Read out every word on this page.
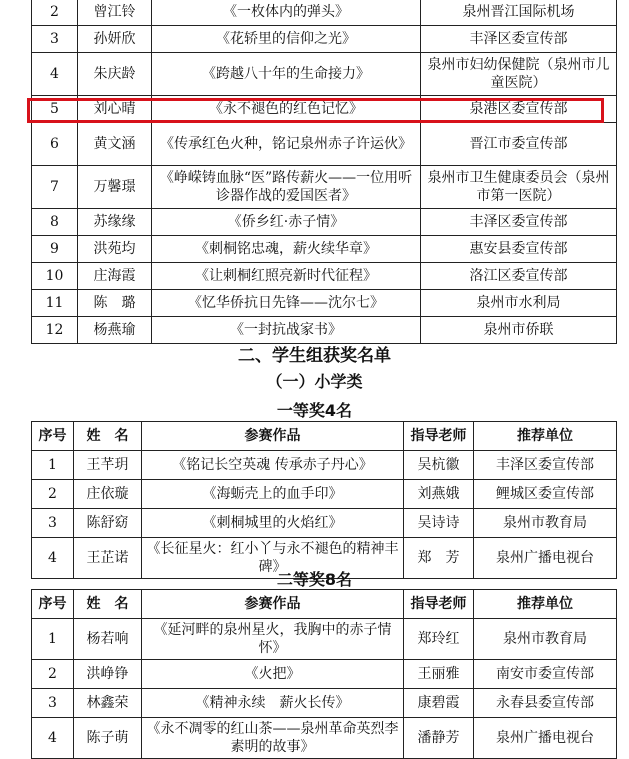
2	曾江铃	《一枚体内的弹头》	泉州晋江国际机场
3	孙妍欣	《花轿里的信仰之光》	丰泽区委宣传部
4	朱庆龄	《跨越八十年的生命接力》	泉州市妇幼保健院（泉州市儿童医院）
5	刘心晴	《永不褪色的红色记忆》	泉港区委宣传部
6	黄文涵	《传承红色火种，铭记泉州赤子许运伙》	晋江市委宣传部
7	万馨璟	《峥嵘铸血脉“医”路传薪火——一位用听诊器作战的爱国医者》	泉州市卫生健康委员会（泉州市第一医院）
8	苏缘缘	《侨乡红·赤子情》	丰泽区委宣传部
9	洪苑均	《刺桐铭忠魂，薪火续华章》	惠安县委宣传部
10	庄海霞	《让刺桐红照亮新时代征程》	洛江区委宣传部
11	陈　璐	《忆华侨抗日先锋——沈尔七》	泉州市水利局
12	杨燕瑜	《一封抗战家书》	泉州市侨联
二、学生组获奖名单
（一）小学类
一等奖4名
序号	姓　名	参赛作品	指导老师	推荐单位
1	王芊玥	《铭记长空英魂 传承赤子丹心》	吴杭徽	丰泽区委宣传部
2	庄依璇	《海蛎壳上的血手印》	刘燕娥	鲤城区委宣传部
3	陈舒窈	《刺桐城里的火焰红》	吴诗诗	泉州市教育局
4	王芷诺	《长征星火：红小丫与永不褪色的精神丰碑》	郑　芳	泉州广播电视台
二等奖8名
序号	姓　名	参赛作品	指导老师	推荐单位
1	杨若响	《延河畔的泉州星火，我胸中的赤子情怀》	郑玲红	泉州市教育局
2	洪峥铮	《火把》	王丽雅	南安市委宣传部
3	林鑫荣	《精神永续　薪火长传》	康碧霞	永春县委宣传部
4	陈子萌	《永不凋零的红山茶——泉州革命英烈李素明的故事》	潘静芳	泉州广播电视台
